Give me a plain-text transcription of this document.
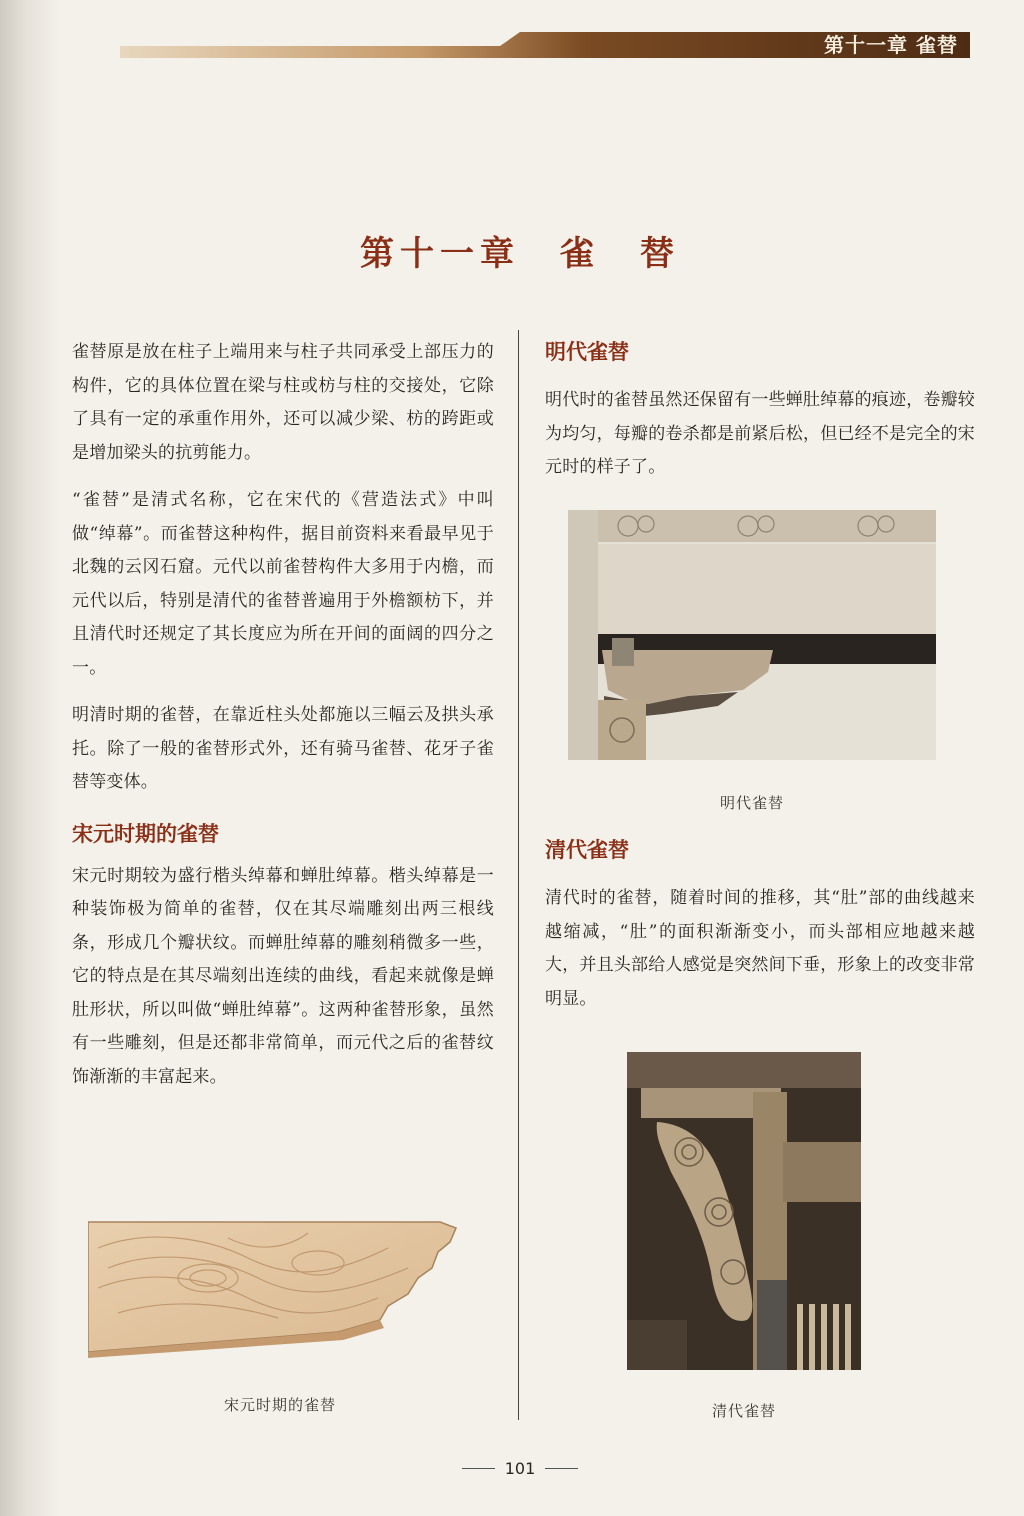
第十一章 雀替
第十一章　雀　替

雀替原是放在柱子上端用来与柱子共同承受上部压力的构件，它的具体位置在梁与柱或枋与柱的交接处，它除了具有一定的承重作用外，还可以减少梁、枋的跨距或是增加梁头的抗剪能力。

“雀替”是清式名称，它在宋代的《营造法式》中叫做“绰幕”。而雀替这种构件，据目前资料来看最早见于北魏的云冈石窟。元代以前雀替构件大多用于内檐，而元代以后，特别是清代的雀替普遍用于外檐额枋下，并且清代时还规定了其长度应为所在开间的面阔的四分之一。

明清时期的雀替，在靠近柱头处都施以三幅云及拱头承托。除了一般的雀替形式外，还有骑马雀替、花牙子雀替等变体。

宋元时期的雀替

宋元时期较为盛行楷头绰幕和蝉肚绰幕。楷头绰幕是一种装饰极为简单的雀替，仅在其尽端雕刻出两三根线条，形成几个瓣状纹。而蝉肚绰幕的雕刻稍微多一些，它的特点是在其尽端刻出连续的曲线，看起来就像是蝉肚形状，所以叫做“蝉肚绰幕”。这两种雀替形象，虽然有一些雕刻，但是还都非常简单，而元代之后的雀替纹饰渐渐的丰富起来。

宋元时期的雀替
明代雀替

明代时的雀替虽然还保留有一些蝉肚绰幕的痕迹，卷瓣较为均匀，每瓣的卷杀都是前紧后松，但已经不是完全的宋元时的样子了。

明代雀替
清代雀替

清代时的雀替，随着时间的推移，其“肚”部的曲线越来越缩减，“肚”的面积渐渐变小，而头部相应地越来越大，并且头部给人感觉是突然间下垂，形象上的改变非常明显。

清代雀替
101
